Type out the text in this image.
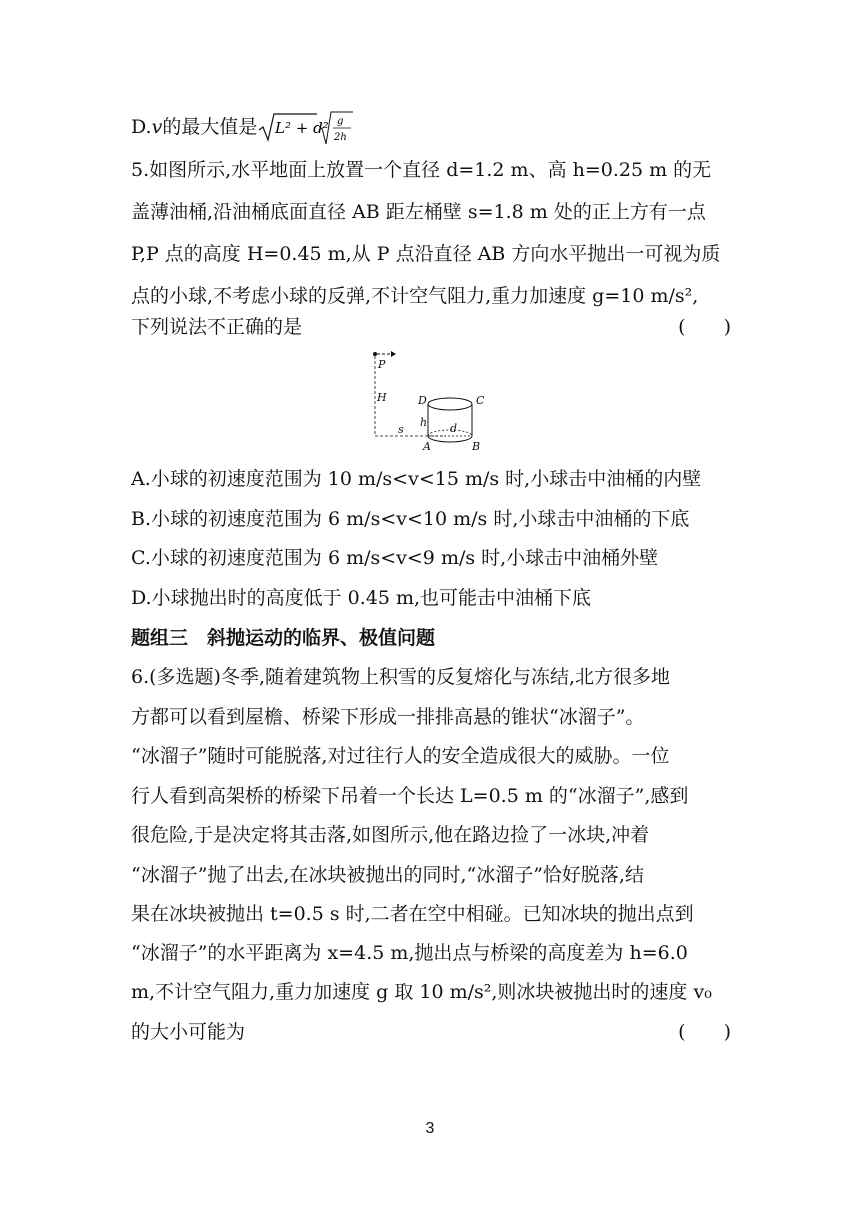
D.v的最大值是 L² + d² g
2h
5.如图所示,水平地面上放置一个直径 d=1.2 m、高 h=0.25 m 的无
盖薄油桶,沿油桶底面直径 AB 距左桶壁 s=1.8 m 处的正上方有一点
P,P 点的高度 H=0.45 m,从 P 点沿直径 AB 方向水平抛出一可视为质
点的小球,不考虑小球的反弹,不计空气阻力,重力加速度 g=10 m/s²,
下列说法不正确的是	(　　)
P
H	D	C
h d
s
A	B
A.小球的初速度范围为 10 m/s<v<15 m/s 时,小球击中油桶的内壁
B.小球的初速度范围为 6 m/s<v<10 m/s 时,小球击中油桶的下底
C.小球的初速度范围为 6 m/s<v<9 m/s 时,小球击中油桶外壁
D.小球抛出时的高度低于 0.45 m,也可能击中油桶下底
题组三　斜抛运动的临界、极值问题
6.(多选题)冬季,随着建筑物上积雪的反复熔化与冻结,北方很多地
方都可以看到屋檐、桥梁下形成一排排高悬的锥状“冰溜子”。
“冰溜子”随时可能脱落,对过往行人的安全造成很大的威胁。一位
行人看到高架桥的桥梁下吊着一个长达 L=0.5 m 的“冰溜子”,感到
很危险,于是决定将其击落,如图所示,他在路边捡了一冰块,冲着
“冰溜子”抛了出去,在冰块被抛出的同时,“冰溜子”恰好脱落,结
果在冰块被抛出 t=0.5 s 时,二者在空中相碰。已知冰块的抛出点到
“冰溜子”的水平距离为 x=4.5 m,抛出点与桥梁的高度差为 h=6.0
m,不计空气阻力,重力加速度 g 取 10 m/s²,则冰块被抛出时的速度 v₀
的大小可能为	(　　)
3
